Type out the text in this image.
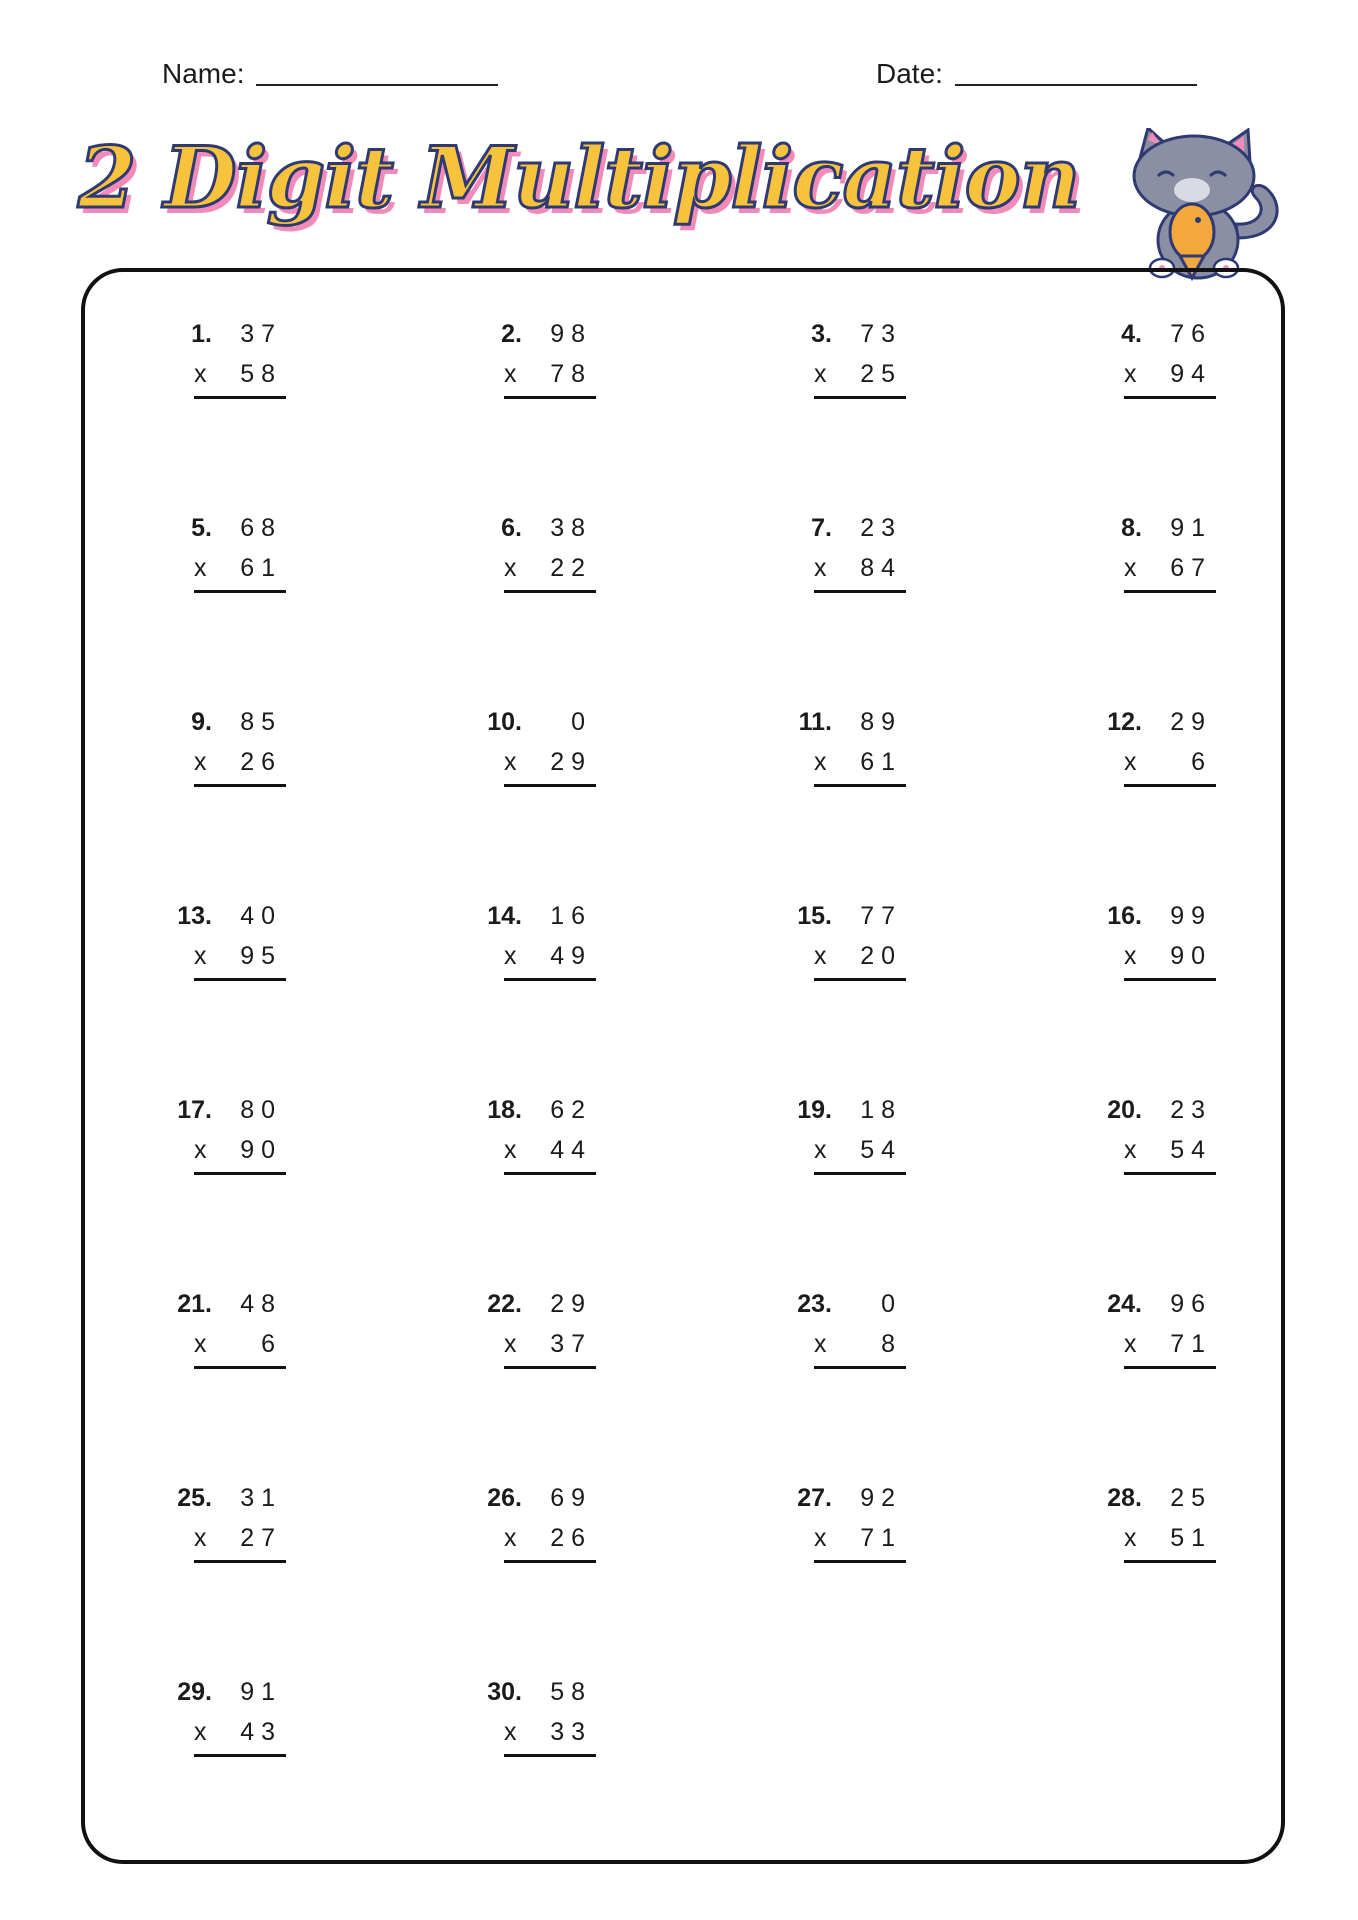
Name:	Date:
2 Digit Multiplication
1. 37
x 58
2. 98
x 78
3. 73
x 25
4. 76
x 94
5. 68
x 61
6. 38
x 22
7. 23
x 84
8. 91
x 67
9. 85
x 26
10. 0
x 29
11. 89
x 61
12. 29
x 6
13. 40
x 95
14. 16
x 49
15. 77
x 20
16. 99
x 90
17. 80
x 90
18. 62
x 44
19. 18
x 54
20. 23
x 54
21. 48
x 6
22. 29
x 37
23. 0
x 8
24. 96
x 71
25. 31
x 27
26. 69
x 26
27. 92
x 71
28. 25
x 51
29. 91
x 43
30. 58
x 33
